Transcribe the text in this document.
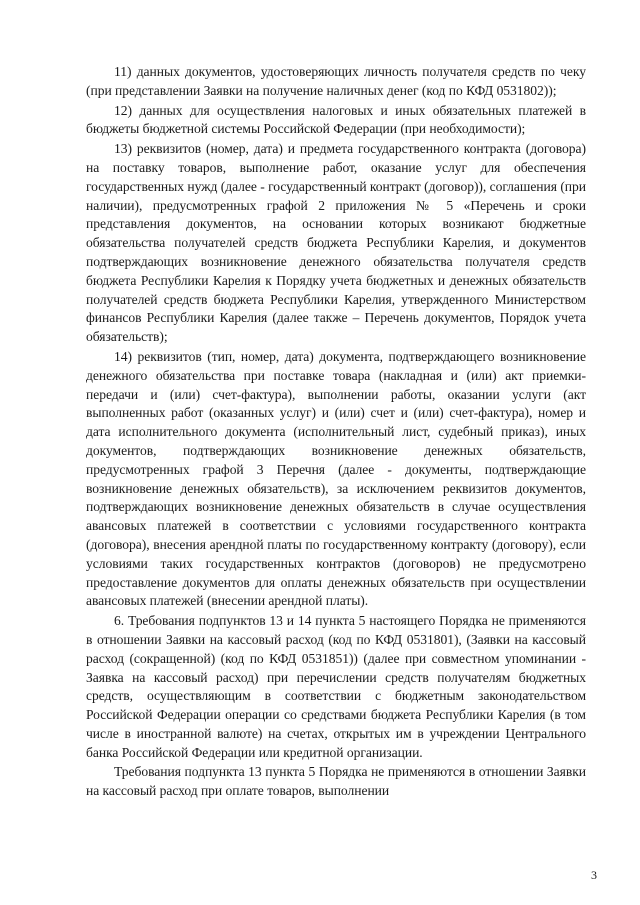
11) данных документов, удостоверяющих личность получателя средств по чеку (при представлении Заявки на получение наличных денег (код по КФД 0531802));

12) данных для осуществления налоговых и иных обязательных платежей в бюджеты бюджетной системы Российской Федерации (при необходимости);

13) реквизитов (номер, дата) и предмета государственного контракта (договора) на поставку товаров, выполнение работ, оказание услуг для обеспечения государственных нужд (далее - государственный контракт (договор)), соглашения (при наличии), предусмотренных графой 2 приложения № 5 «Перечень и сроки представления документов, на основании которых возникают бюджетные обязательства получателей средств бюджета Республики Карелия, и документов подтверждающих возникновение денежного обязательства получателя средств бюджета Республики Карелия к Порядку учета бюджетных и денежных обязательств получателей средств бюджета Республики Карелия, утвержденного Министерством финансов Республики Карелия (далее также – Перечень документов, Порядок учета обязательств);

14) реквизитов (тип, номер, дата) документа, подтверждающего возникновение денежного обязательства при поставке товара (накладная и (или) акт приемки-передачи и (или) счет-фактура), выполнении работы, оказании услуги (акт выполненных работ (оказанных услуг) и (или) счет и (или) счет-фактура), номер и дата исполнительного документа (исполнительный лист, судебный приказ), иных документов, подтверждающих возникновение денежных обязательств, предусмотренных графой 3 Перечня (далее - документы, подтверждающие возникновение денежных обязательств), за исключением реквизитов документов, подтверждающих возникновение денежных обязательств в случае осуществления авансовых платежей в соответствии с условиями государственного контракта (договора), внесения арендной платы по государственному контракту (договору), если условиями таких государственных контрактов (договоров) не предусмотрено предоставление документов для оплаты денежных обязательств при осуществлении авансовых платежей (внесении арендной платы).

6. Требования подпунктов 13 и 14 пункта 5 настоящего Порядка не применяются в отношении Заявки на кассовый расход (код по КФД 0531801), (Заявки на кассовый расход (сокращенной) (код по КФД 0531851)) (далее при совместном упоминании - Заявка на кассовый расход) при перечислении средств получателям бюджетных средств, осуществляющим в соответствии с бюджетным законодательством Российской Федерации операции со средствами бюджета Республики Карелия (в том числе в иностранной валюте) на счетах, открытых им в учреждении Центрального банка Российской Федерации или кредитной организации.

Требования подпункта 13 пункта 5 Порядка не применяются в отношении Заявки на кассовый расход при оплате товаров, выполнении

3
